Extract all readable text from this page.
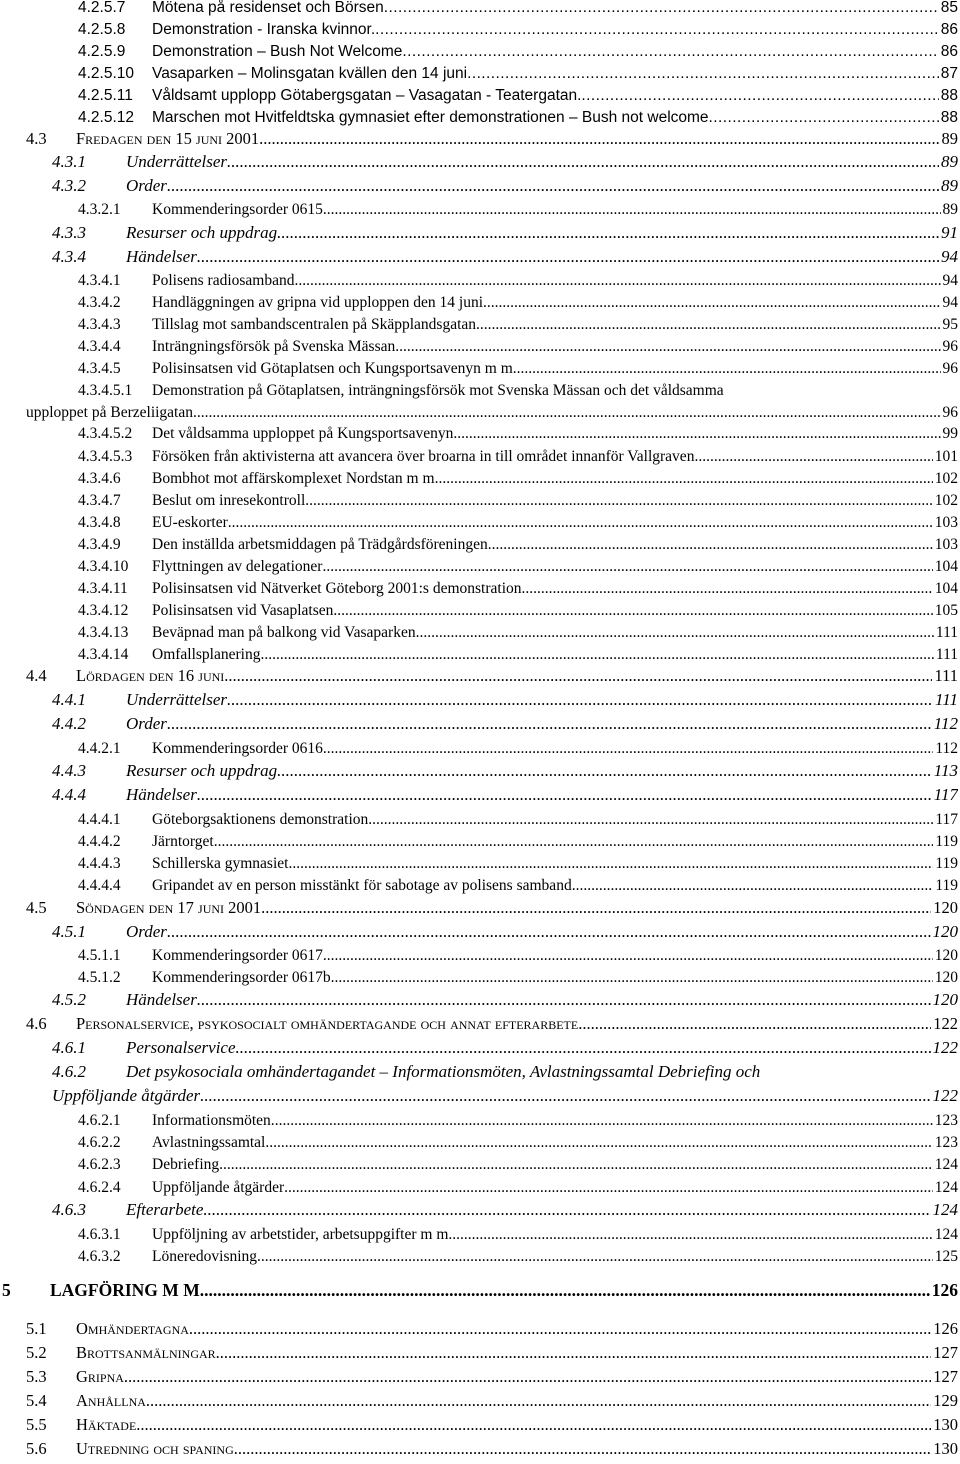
4.2.5.7	Mötena på residenset och Börsen . . .	85
4.2.5.8	Demonstration - Iranska kvinnor. . . .	86
4.2.5.9	Demonstration – Bush Not Welcome . . .	86
4.2.5.10	Vasaparken – Molinsgatan kvällen den 14 juni . . .	87
4.2.5.11	Våldsamt upplopp Götabergsgatan – Vasagatan - Teatergatan. . . .	88
4.2.5.12	Marschen mot Hvitfeldtska gymnasiet efter demonstrationen – Bush not welcome . . .	88
4.3	Fredagen den 15 juni 2001 . . .	89
4.3.1	Underrättelser . . .	89
4.3.2	Order . . .	89
4.3.2.1	Kommenderingsorder 0615 . . .	89
4.3.3	Resurser och uppdrag . . .	91
4.3.4	Händelser . . .	94
4.3.4.1	Polisens radiosamband . . .	94
4.3.4.2	Handläggningen av gripna vid upploppen den 14 juni . . .	94
4.3.4.3	Tillslag mot sambandscentralen på Skäpplandsgatan . . .	95
4.3.4.4	Inträngningsförsök på Svenska Mässan . . .	96
4.3.4.5	Polisinsatsen vid Götaplatsen och Kungsportsavenyn m m . . .	96
4.3.4.5.1	Demonstration på Götaplatsen, inträngningsförsök mot Svenska Mässan och det våldsamma
upploppet på Berzeliigatan. . . .	96
4.3.4.5.2	Det våldsamma upploppet på Kungsportsavenyn. . . .	99
4.3.4.5.3	Försöken från aktivisterna att avancera över broarna in till området innanför Vallgraven. . . .	101
4.3.4.6	Bombhot mot affärskomplexet Nordstan m m . . .	102
4.3.4.7	Beslut om inresekontroll . . .	102
4.3.4.8	EU-eskorter . . .	103
4.3.4.9	Den inställda arbetsmiddagen på Trädgårdsföreningen . . .	103
4.3.4.10	Flyttningen av delegationer . . .	104
4.3.4.11	Polisinsatsen vid Nätverket Göteborg 2001:s demonstration . . .	104
4.3.4.12	Polisinsatsen vid Vasaplatsen . . .	105
4.3.4.13	Beväpnad man på balkong vid Vasaparken . . .	111
4.3.4.14	Omfallsplanering . . .	111
4.4	Lördagen den 16 juni . . .	111
4.4.1	Underrättelser . . .	111
4.4.2	Order . . .	112
4.4.2.1	Kommenderingsorder 0616 . . .	112
4.4.3	Resurser och uppdrag . . .	113
4.4.4	Händelser . . .	117
4.4.4.1	Göteborgsaktionens demonstration . . .	117
4.4.4.2	Järntorget . . .	119
4.4.4.3	Schillerska gymnasiet . . .	119
4.4.4.4	Gripandet av en person misstänkt för sabotage av polisens samband . . .	119
4.5	Söndagen den 17 juni 2001 . . .	120
4.5.1	Order . . .	120
4.5.1.1	Kommenderingsorder 0617 . . .	120
4.5.1.2	Kommenderingsorder 0617b . . .	120
4.5.2	Händelser . . .	120
4.6	Personalservice, psykosocialt omhändertagande och annat efterarbete . . .	122
4.6.1	Personalservice . . .	122
4.6.2	Det psykosociala omhändertagandet – Informationsmöten, Avlastningssamtal Debriefing och
Uppföljande åtgärder . . .	122
4.6.2.1	Informationsmöten. . . .	123
4.6.2.2	Avlastningssamtal. . . .	123
4.6.2.3	Debriefing . . .	124
4.6.2.4	Uppföljande åtgärder . . .	124
4.6.3	Efterarbete. . . .	124
4.6.3.1	Uppföljning av arbetstider, arbetsuppgifter m m . . .	124
4.6.3.2	Löneredovisning . . .	125
5	LAGFÖRING M M . . .	126
5.1	Omhändertagna . . .	126
5.2	Brottsanmälningar . . .	127
5.3	Gripna . . .	127
5.4	Anhållna . . .	129
5.5	Häktade . . .	130
5.6	Utredning och spaning . . .	130
